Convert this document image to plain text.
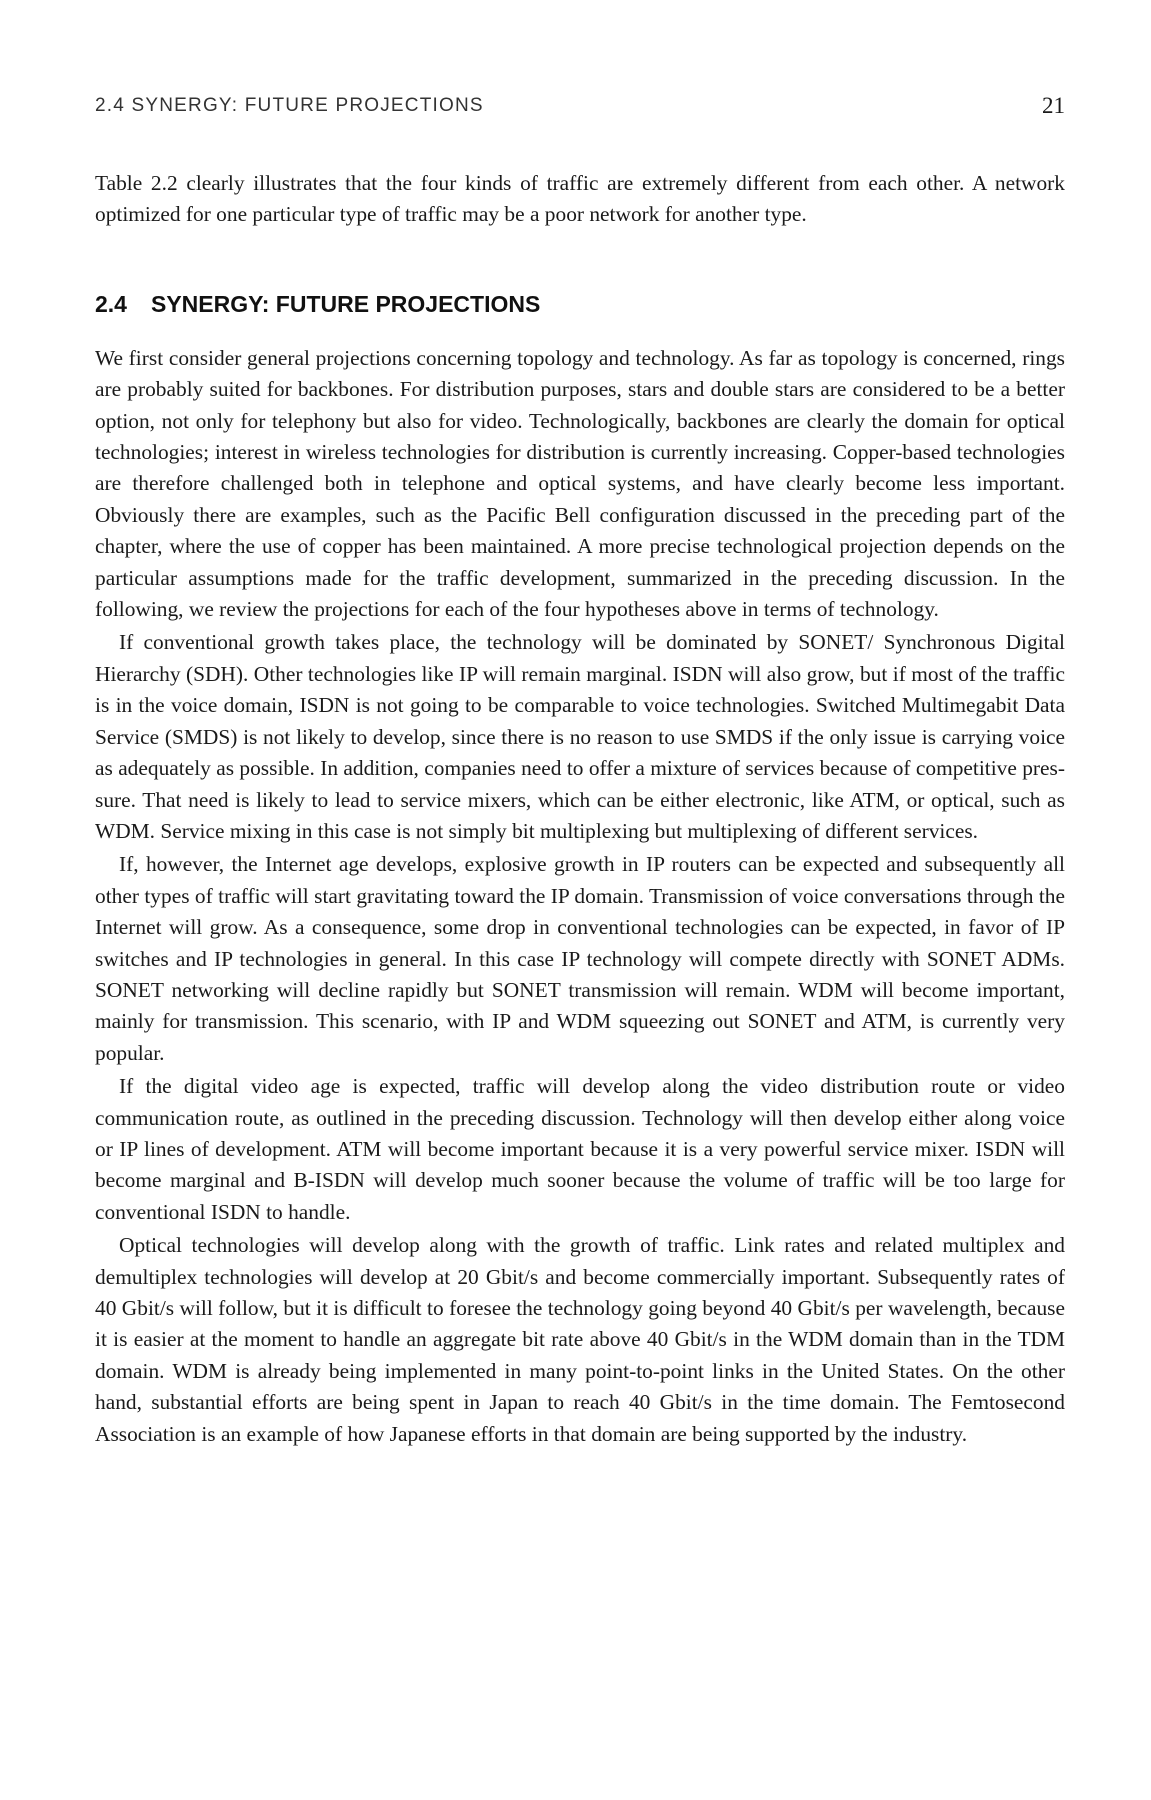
2.4 SYNERGY: FUTURE PROJECTIONS	21

Table 2.2 clearly illustrates that the four kinds of traffic are extremely different from each other. A network optimized for one particular type of traffic may be a poor network for another type.

2.4 SYNERGY: FUTURE PROJECTIONS

We first consider general projections concerning topology and technology. As far as topology is concerned, rings are probably suited for backbones. For distribution purposes, stars and double stars are considered to be a better option, not only for telephony but also for video. Technologically, backbones are clearly the domain for optical technologies; interest in wireless technologies for distribution is currently increasing. Copper-based technologies are therefore challenged both in telephone and optical systems, and have clearly become less important. Obviously there are examples, such as the Pacific Bell configuration discussed in the preceding part of the chapter, where the use of copper has been maintained. A more precise technological projection depends on the particular assumptions made for the traffic development, summarized in the preceding discussion. In the following, we review the projections for each of the four hypotheses above in terms of technology.

If conventional growth takes place, the technology will be dominated by SONET/ Synchronous Digital Hierarchy (SDH). Other technologies like IP will remain marginal. ISDN will also grow, but if most of the traffic is in the voice domain, ISDN is not going to be comparable to voice technologies. Switched Multimegabit Data Service (SMDS) is not likely to develop, since there is no reason to use SMDS if the only issue is carrying voice as adequately as possible. In addition, companies need to offer a mixture of services because of competitive pressure. That need is likely to lead to service mixers, which can be either electronic, like ATM, or optical, such as WDM. Service mixing in this case is not simply bit multiplexing but multiplexing of different services.

If, however, the Internet age develops, explosive growth in IP routers can be expected and subsequently all other types of traffic will start gravitating toward the IP domain. Transmission of voice conversations through the Internet will grow. As a consequence, some drop in conventional technologies can be expected, in favor of IP switches and IP technologies in general. In this case IP technology will compete directly with SONET ADMs. SONET networking will decline rapidly but SONET transmission will remain. WDM will become important, mainly for transmission. This scenario, with IP and WDM squeezing out SONET and ATM, is currently very popular.

If the digital video age is expected, traffic will develop along the video distribution route or video communication route, as outlined in the preceding discussion. Technology will then develop either along voice or IP lines of development. ATM will become important because it is a very powerful service mixer. ISDN will become marginal and B-ISDN will develop much sooner because the volume of traffic will be too large for conventional ISDN to handle.

Optical technologies will develop along with the growth of traffic. Link rates and related multiplex and demultiplex technologies will develop at 20 Gbit/s and become commercially important. Subsequently rates of 40 Gbit/s will follow, but it is difficult to foresee the technology going beyond 40 Gbit/s per wavelength, because it is easier at the moment to handle an aggregate bit rate above 40 Gbit/s in the WDM domain than in the TDM domain. WDM is already being implemented in many point-to-point links in the United States. On the other hand, substantial efforts are being spent in Japan to reach 40 Gbit/s in the time domain. The Femtosecond Association is an example of how Japanese efforts in that domain are being supported by the industry.
